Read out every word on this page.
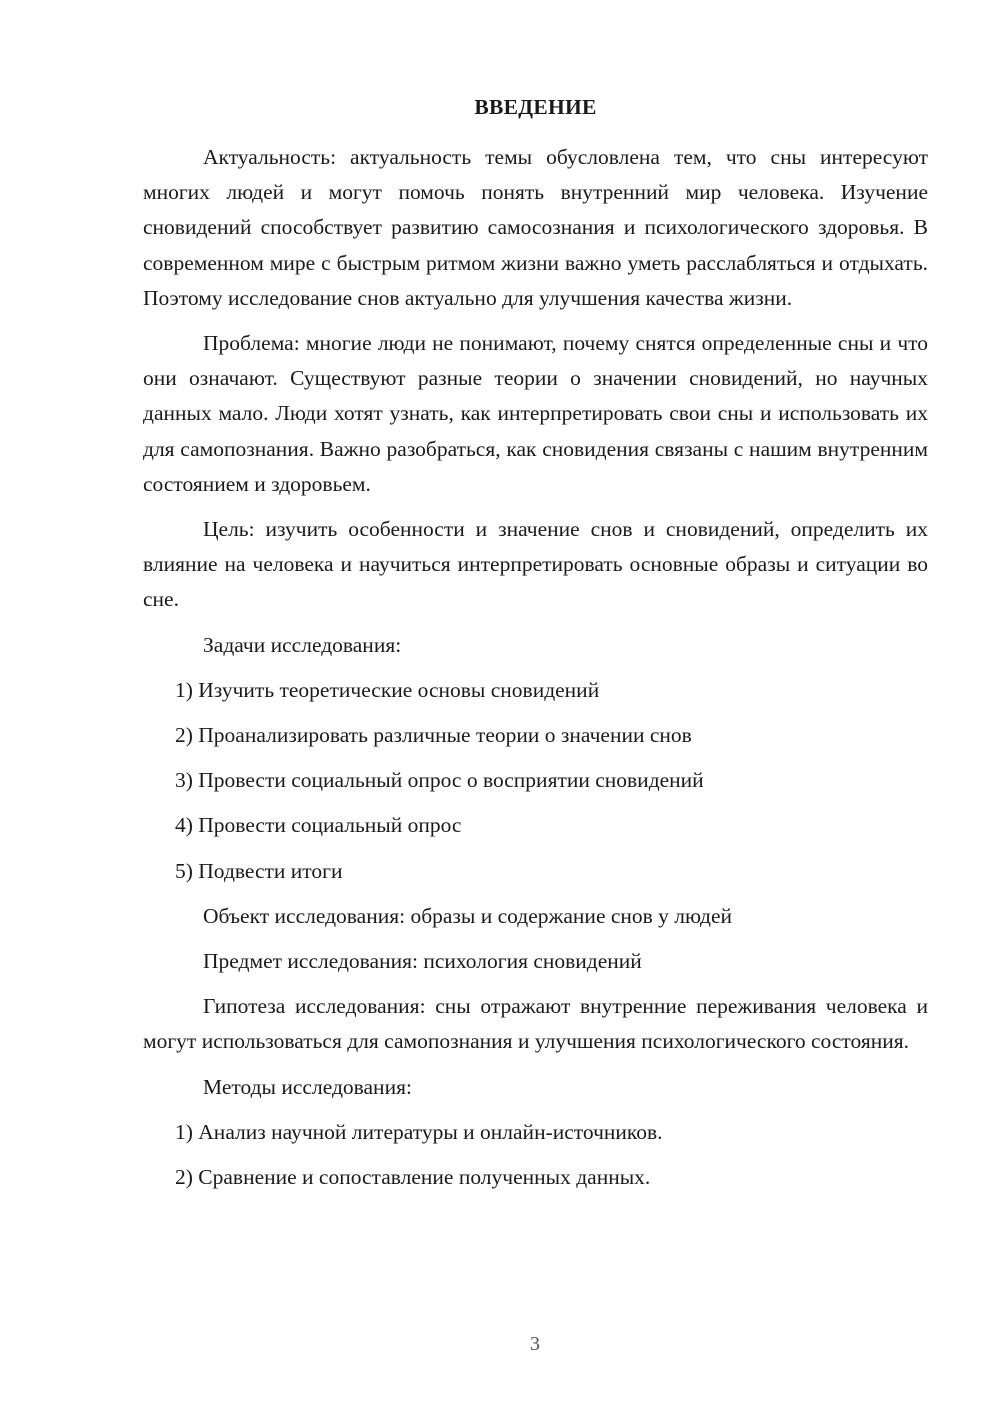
ВВЕДЕНИЕ

Актуальность: актуальность темы обусловлена тем, что сны интересуют многих людей и могут помочь понять внутренний мир человека. Изучение сновидений способствует развитию самосознания и психологического здоровья. В современном мире с быстрым ритмом жизни важно уметь расслабляться и отдыхать. Поэтому исследование снов актуально для улучшения качества жизни.

Проблема: многие люди не понимают, почему снятся определенные сны и что они означают. Существуют разные теории о значении сновидений, но научных данных мало. Люди хотят узнать, как интерпретировать свои сны и использовать их для самопознания. Важно разобраться, как сновидения связаны с нашим внутренним состоянием и здоровьем.

Цель: изучить особенности и значение снов и сновидений, определить их влияние на человека и научиться интерпретировать основные образы и ситуации во сне.

Задачи исследования:

1) Изучить теоретические основы сновидений

2) Проанализировать различные теории о значении снов

3) Провести социальный опрос о восприятии сновидений

4) Провести социальный опрос

5) Подвести итоги

Объект исследования: образы и содержание снов у людей

Предмет исследования: психология сновидений

Гипотеза исследования: сны отражают внутренние переживания человека и могут использоваться для самопознания и улучшения психологического состояния.

Методы исследования:

1) Анализ научной литературы и онлайн-источников.

2) Сравнение и сопоставление полученных данных.

3
